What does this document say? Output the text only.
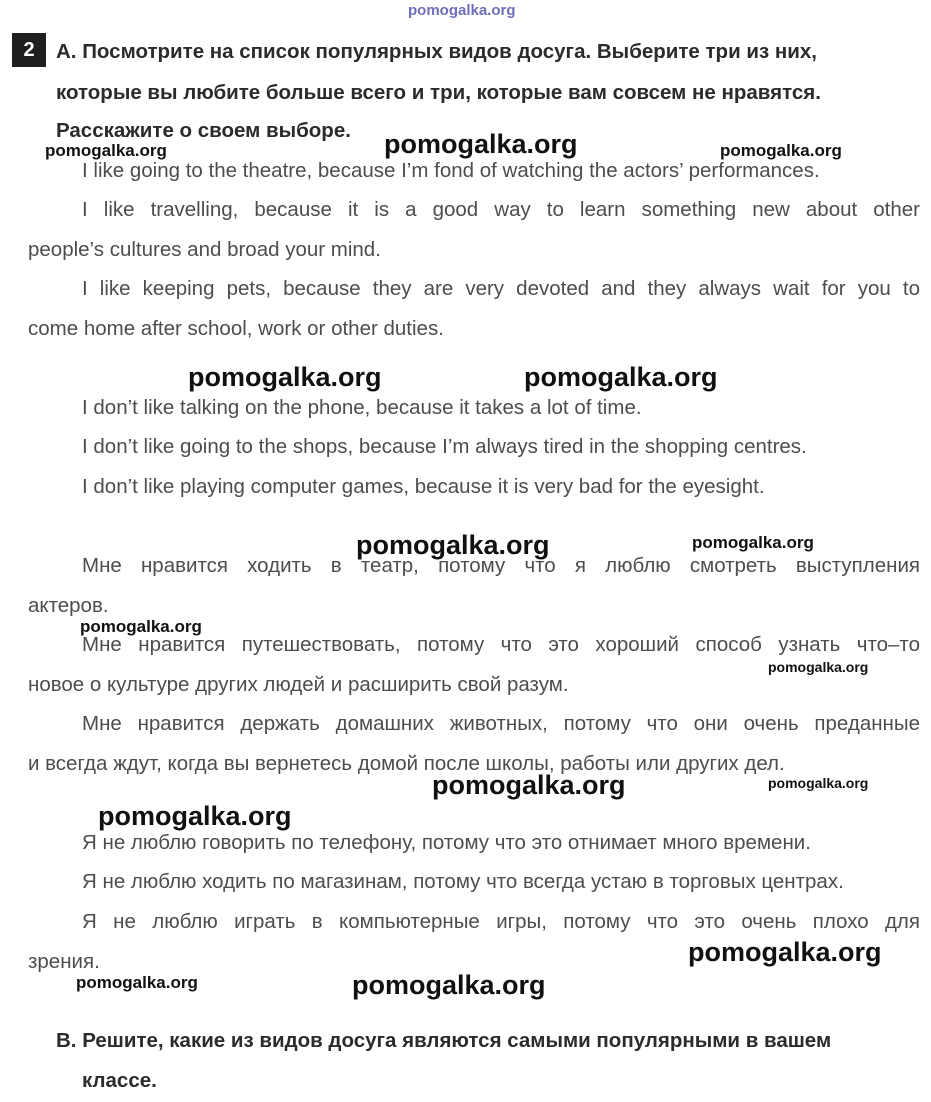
pomogalka.org
2	A. Посмотрите на список популярных видов досуга. Выберите три из них,
которые вы любите больше всего и три, которые вам совсем не нравятся.
Расскажите о своем выборе.
I like going to the theatre, because I’m fond of watching the actors’ performances.
I like travelling, because it is a good way to learn something new about other
people’s cultures and broad your mind.
I like keeping pets, because they are very devoted and they always wait for you to
come home after school, work or other duties.
I don’t like talking on the phone, because it takes a lot of time.
I don’t like going to the shops, because I’m always tired in the shopping centres.
I don’t like playing computer games, because it is very bad for the eyesight.
Мне нравится ходить в театр, потому что я люблю смотреть выступления
актеров.
Мне нравится путешествовать, потому что это хороший способ узнать что–то
новое о культуре других людей и расширить свой разум.
Мне нравится держать домашних животных, потому что они очень преданные
и всегда ждут, когда вы вернетесь домой после школы, работы или других дел.
Я не люблю говорить по телефону, потому что это отнимает много времени.
Я не люблю ходить по магазинам, потому что всегда устаю в торговых центрах.
Я не люблю играть в компьютерные игры, потому что это очень плохо для
зрения.
B. Решите, какие из видов досуга являются самыми популярными в вашем
классе.
pomogalka.org
pomogalka.org	pomogalka.org
pomogalka.org	pomogalka.org
pomogalka.org	pomogalka.org
pomogalka.org
pomogalka.org
pomogalka.org	pomogalka.org
pomogalka.org
pomogalka.org
pomogalka.org	pomogalka.org
